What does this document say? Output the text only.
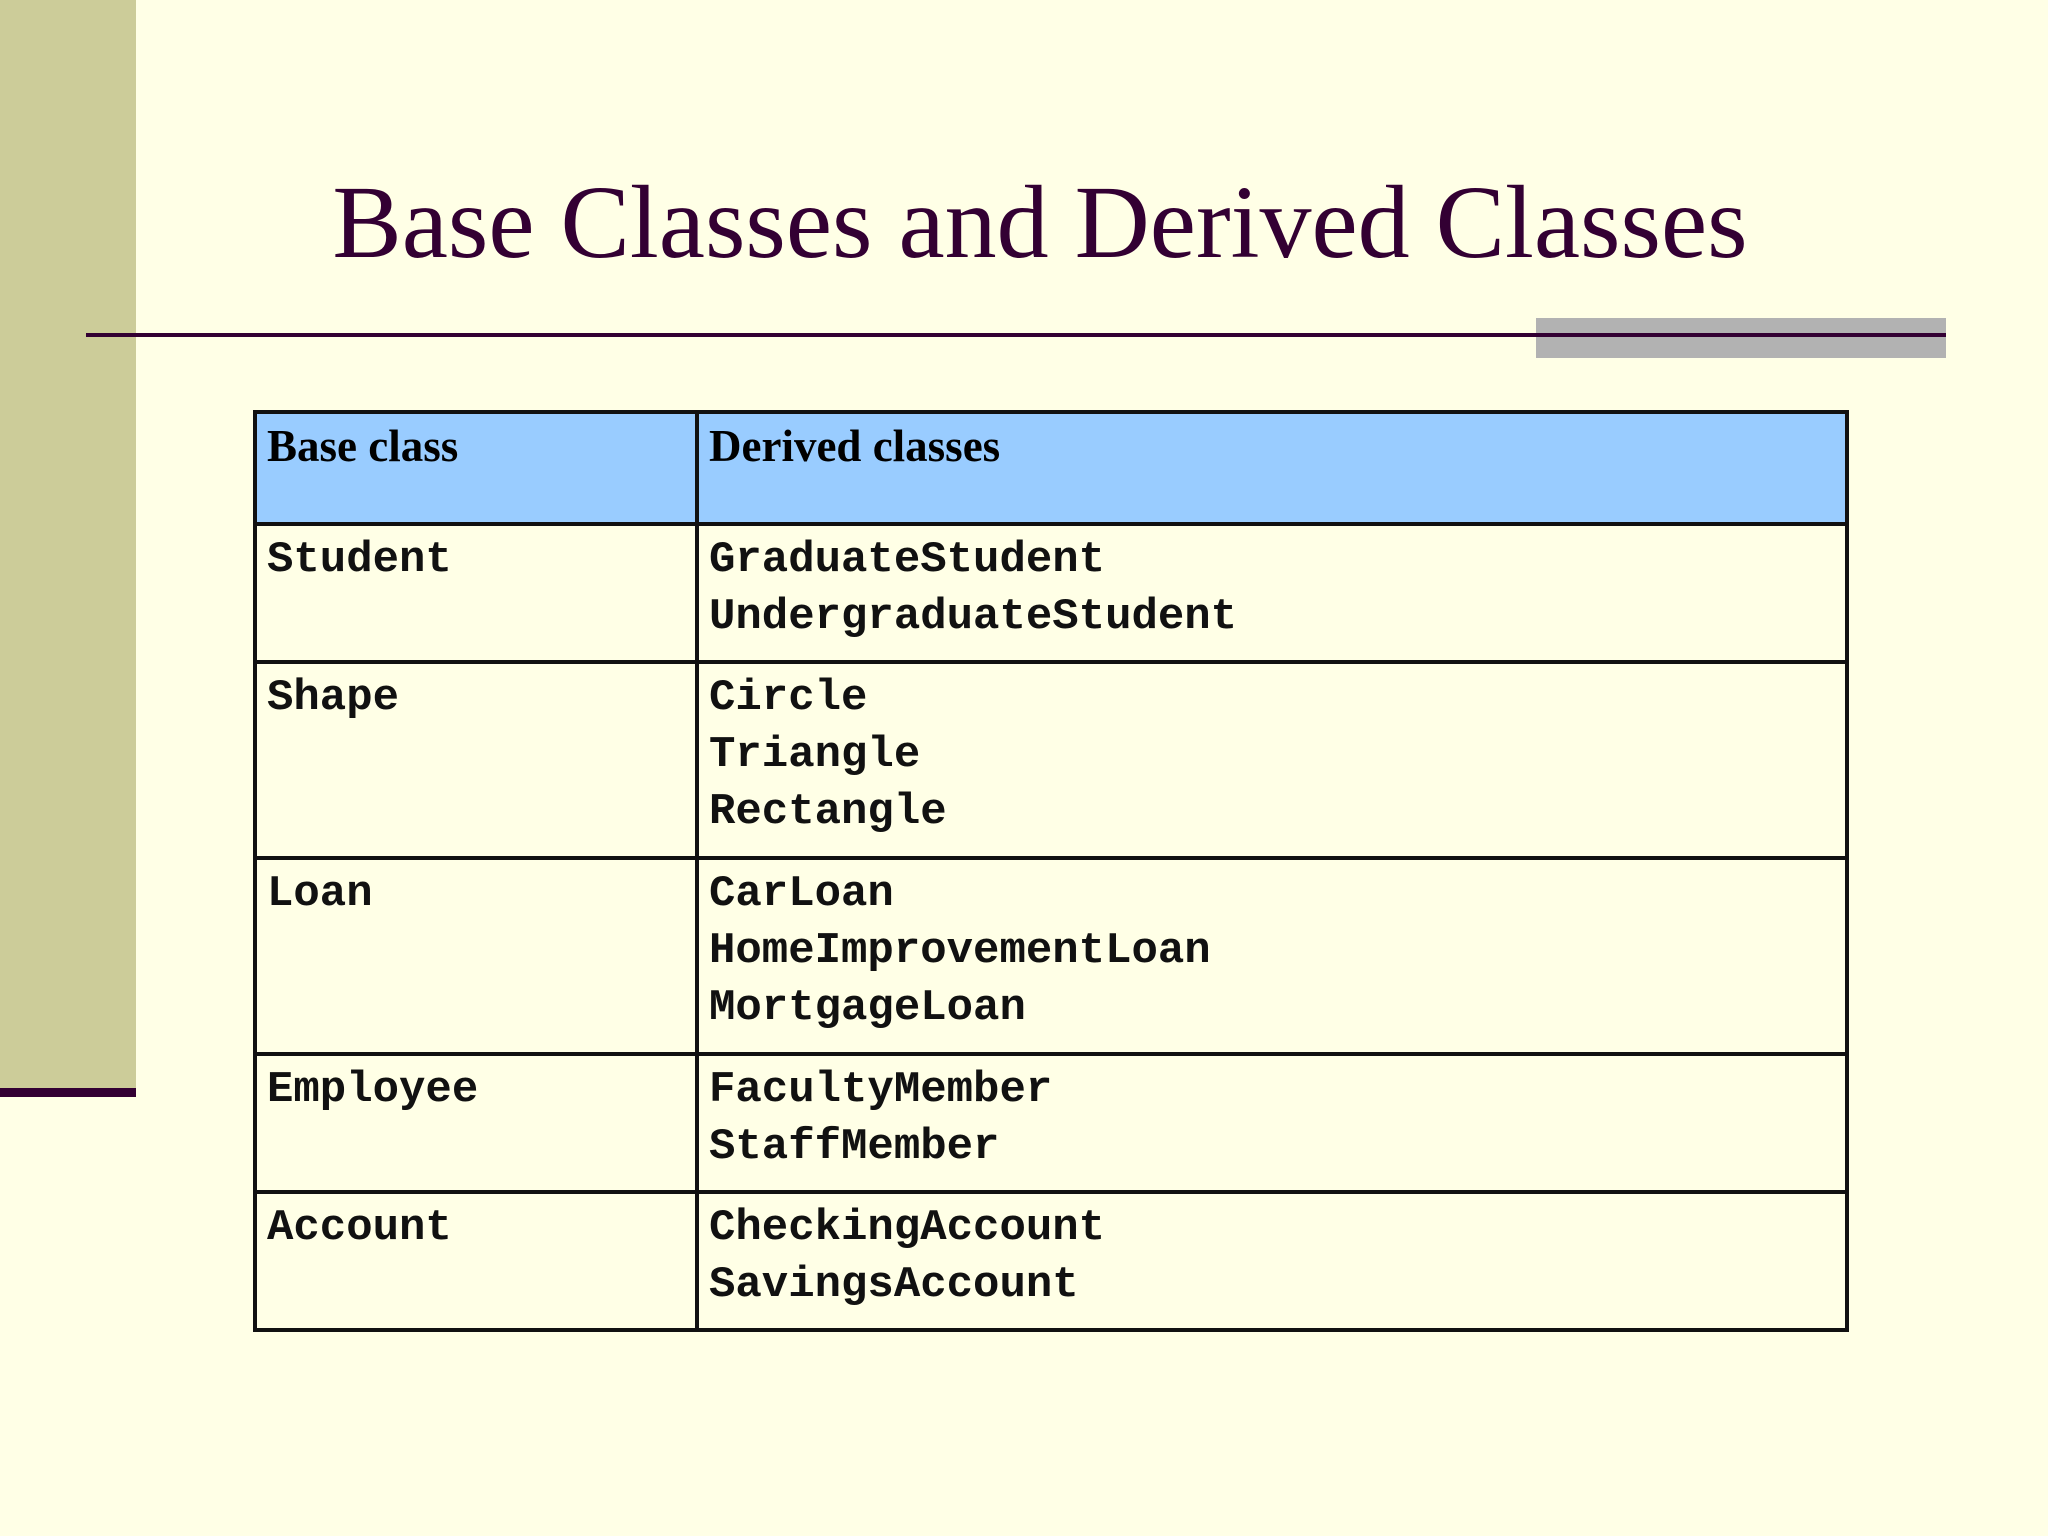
Base Classes and Derived Classes
Base class	Derived classes
Student	GraduateStudent
UndergraduateStudent

Shape	Circle
Triangle
Rectangle

Loan	CarLoan
HomeImprovementLoan
MortgageLoan

Employee	FacultyMember
StaffMember

Account	CheckingAccount
SavingsAccount
